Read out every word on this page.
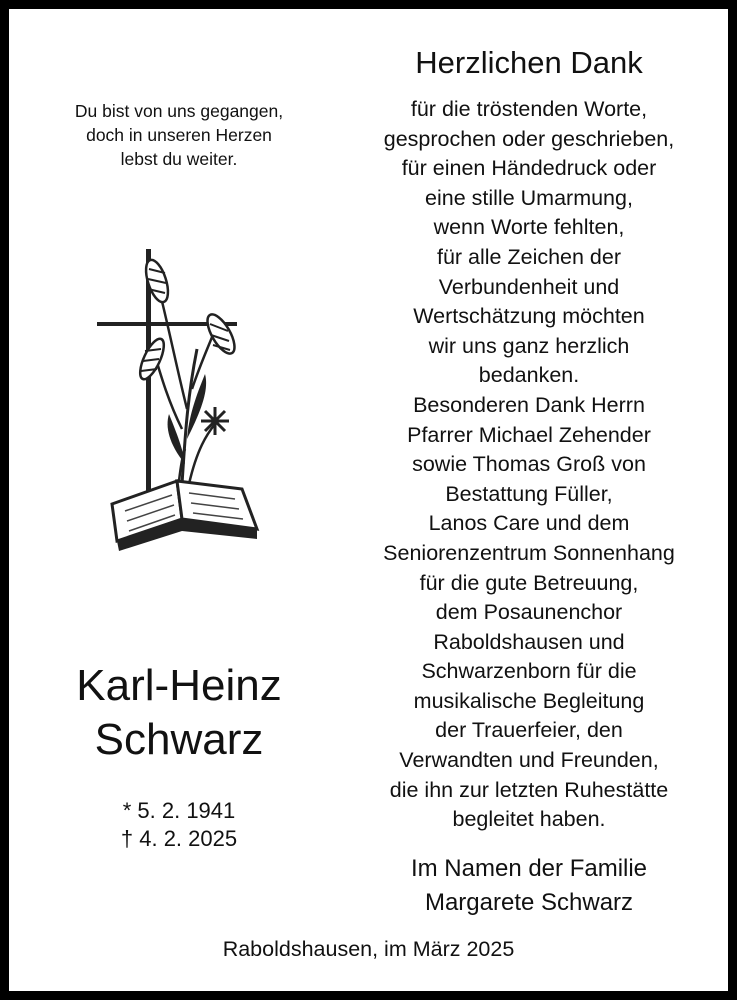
Du bist von uns gegangen,
doch in unseren Herzen
lebst du weiter.
Karl-Heinz
Schwarz
* 5. 2. 1941
† 4. 2. 2025
Herzlichen Dank
für die tröstenden Worte,
gesprochen oder geschrieben,
für einen Händedruck oder
eine stille Umarmung,
wenn Worte fehlten,
für alle Zeichen der
Verbundenheit und
Wertschätzung möchten
wir uns ganz herzlich
bedanken.
Besonderen Dank Herrn
Pfarrer Michael Zehender
sowie Thomas Groß von
Bestattung Füller,
Lanos Care und dem
Seniorenzentrum Sonnenhang
für die gute Betreuung,
dem Posaunenchor
Raboldshausen und
Schwarzenborn für die
musikalische Begleitung
der Trauerfeier, den
Verwandten und Freunden,
die ihn zur letzten Ruhestätte
begleitet haben.
Im Namen der Familie
Margarete Schwarz
Raboldshausen, im März 2025
